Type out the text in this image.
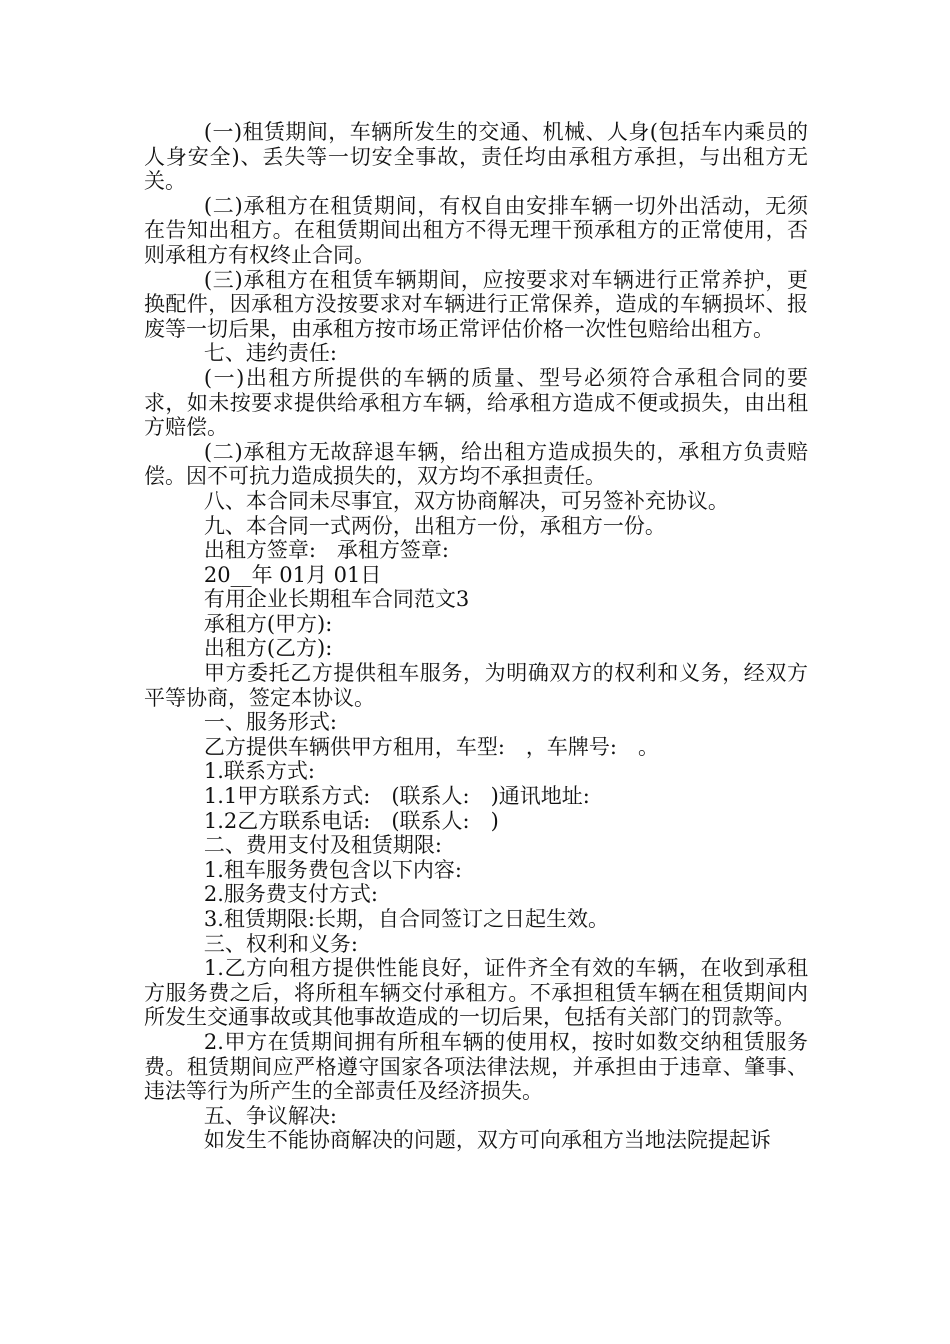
(一)租赁期间，车辆所发生的交通、机械、人身(包括车内乘员的人身安全)、丢失等一切安全事故，责任均由承租方承担，与出租方无关。

(二)承租方在租赁期间，有权自由安排车辆一切外出活动，无须在告知出租方。在租赁期间出租方不得无理干预承租方的正常使用，否则承租方有权终止合同。

(三)承租方在租赁车辆期间，应按要求对车辆进行正常养护，更换配件，因承租方没按要求对车辆进行正常保养，造成的车辆损坏、报废等一切后果，由承租方按市场正常评估价格一次性包赔给出租方。

七、违约责任:

(一)出租方所提供的车辆的质量、型号必须符合承租合同的要求，如未按要求提供给承租方车辆，给承租方造成不便或损失，由出租方赔偿。

(二)承租方无故辞退车辆，给出租方造成损失的，承租方负责赔偿。因不可抗力造成损失的，双方均不承担责任。

八、本合同未尽事宜，双方协商解决，可另签补充协议。

九、本合同一式两份，出租方一份，承租方一份。

出租方签章:　承租方签章:

20__年 01月 01日

有用企业长期租车合同范文3

承租方(甲方):

出租方(乙方):

甲方委托乙方提供租车服务，为明确双方的权利和义务，经双方平等协商，签定本协议。

一、服务形式:

乙方提供车辆供甲方租用，车型:　，车牌号:　。

1.联系方式:

1.1甲方联系方式:　(联系人:　)通讯地址:

1.2乙方联系电话:　(联系人:　)

二、费用支付及租赁期限:

1.租车服务费包含以下内容:

2.服务费支付方式:

3.租赁期限:长期，自合同签订之日起生效。

三、权利和义务:

1.乙方向租方提供性能良好，证件齐全有效的车辆，在收到承租方服务费之后，将所租车辆交付承租方。不承担租赁车辆在租赁期间内所发生交通事故或其他事故造成的一切后果，包括有关部门的罚款等。

2.甲方在赁期间拥有所租车辆的使用权，按时如数交纳租赁服务费。租赁期间应严格遵守国家各项法律法规，并承担由于违章、肇事、违法等行为所产生的全部责任及经济损失。

五、争议解决:

如发生不能协商解决的问题，双方可向承租方当地法院提起诉
